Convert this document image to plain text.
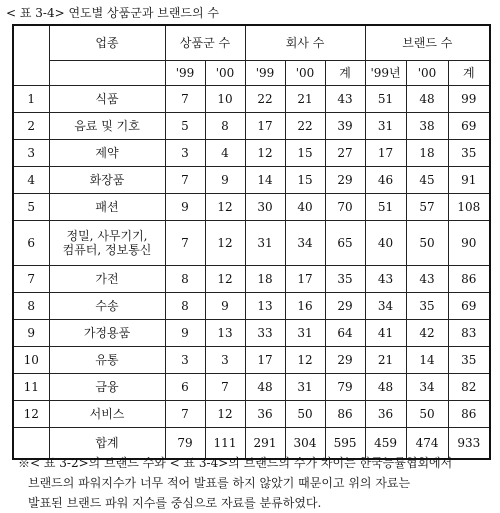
< 표 3-4> 연도별 상품군과 브랜드의 수
	업종	상품군 수		회사 수			브랜드 수		
		'99	'00	'99	'00	계	'99년	'00	계
1	식품	7	10	22	21	43	51	48	99
2	음료 및 기호	5	8	17	22	39	31	38	69
3	제약	3	4	12	15	27	17	18	35
4	화장품	7	9	14	15	29	46	45	91
5	패션	9	12	30	40	70	51	57	108
6	정밀, 사무기기,
컴퓨터, 정보통신	7	12	31	34	65	40	50	90
7	가전	8	12	18	17	35	43	43	86
8	수송	8	9	13	16	29	34	35	69
9	가정용품	9	13	33	31	64	41	42	83
10	유통	3	3	17	12	29	21	14	35
11	금융	6	7	48	31	79	48	34	82
12	서비스	7	12	36	50	86	36	50	86
	합계	79	111	291	304	595	459	474	933

※< 표 3-2>의 브랜드 수와 < 표 3-4>의 브랜드의 수가 차이는 한국능률협회에서

브랜드의 파워지수가 너무 적어 발표를 하지 않았기 때문이고 위의 자료는

발표된 브랜드 파워 지수를 중심으로 자료를 분류하였다.
